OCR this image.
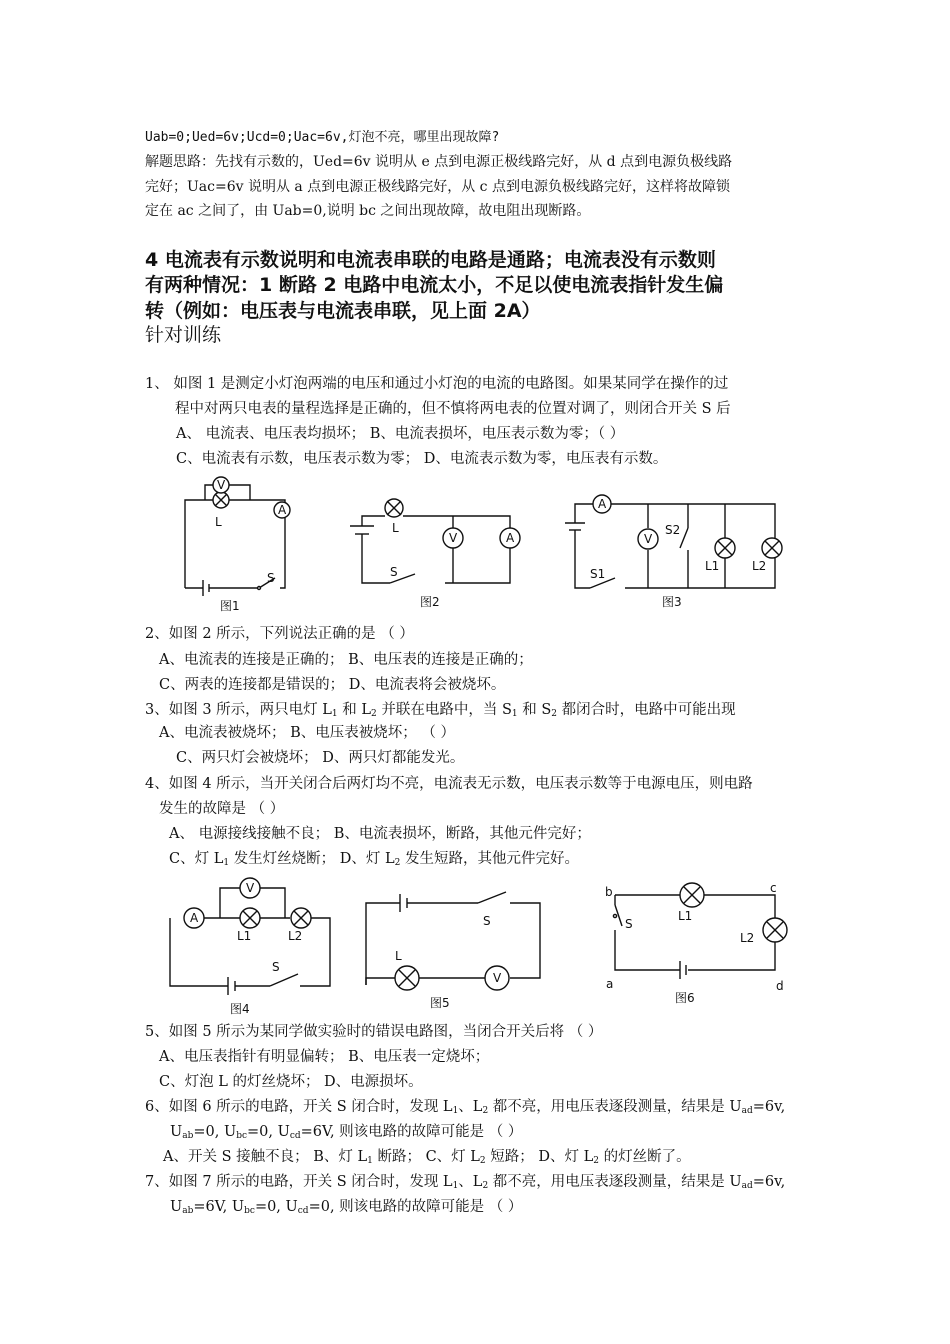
Uab=0;Ued=6v;Ucd=0;Uac=6v,灯泡不亮，哪里出现故障?
解题思路：先找有示数的，Ued=6v 说明从 e 点到电源正极线路完好，从 d 点到电源负极线路
完好；Uac=6v 说明从 a 点到电源正极线路完好，从 c 点到电源负极线路完好，这样将故障锁
定在 ac 之间了，由 Uab=0,说明 bc 之间出现故障，故电阻出现断路。
4 电流表有示数说明和电流表串联的电路是通路；电流表没有示数则
有两种情况：1 断路 2 电路中电流太小，不足以使电流表指针发生偏
转（例如：电压表与电流表串联，见上面 2A）
针对训练
1、 如图 1 是测定小灯泡两端的电压和通过小灯泡的电流的电路图。如果某同学在操作的过
程中对两只电表的量程选择是正确的，但不慎将两电表的位置对调了，则闭合开关 S 后
A、 电流表、电压表均损坏； B、电流表损坏，电压表示数为零；（ ）
C、电流表有示数，电压表示数为零； D、电流表示数为零，电压表有示数。
V
A
L
S
图1
V	A
L
S
图2
A
V
S2
S1
L1	L2
图3
2、如图 2 所示，下列说法正确的是 （ ）
A、电流表的连接是正确的； B、电压表的连接是正确的；
C、两表的连接都是错误的； D、电流表将会被烧坏。
3、如图 3 所示，两只电灯 $L_1$ 和 $L_2$ 并联在电路中，当 $S_1$ 和 $S_2$ 都闭合时，电路中可能出现
A、电流表被烧坏； B、电压表被烧坏； （ ）
C、两只灯会被烧坏； D、两只灯都能发光。
4、如图 4 所示，当开关闭合后两灯均不亮，电流表无示数，电压表示数等于电源电压，则电路
发生的故障是 （ ）
A、 电源接线接触不良； B、电流表损坏，断路，其他元件完好；
C、灯 $L_1$ 发生灯丝烧断； D、灯 $L_2$ 发生短路，其他元件完好。
A
V
L1	L2
S
图4
L
V
S
图5
b	c
a	d
S
L1
L2
图6
5、如图 5 所示为某同学做实验时的错误电路图，当闭合开关后将 （ ）
A、电压表指针有明显偏转； B、电压表一定烧坏；
C、灯泡 L 的灯丝烧坏； D、电源损坏。
6、如图 6 所示的电路，开关 S 闭合时，发现 $L_1$、$L_2$ 都不亮，用电压表逐段测量，结果是 $U_{ad}=6v$,
$U_{ab}=0$, $U_{bc}=0$, $U_{cd}=6V$, 则该电路的故障可能是 （ ）
A、开关 S 接触不良； B、灯 $L_1$ 断路； C、灯 $L_2$ 短路； D、灯 $L_2$ 的灯丝断了。
7、如图 7 所示的电路，开关 S 闭合时，发现 $L_1$、$L_2$ 都不亮，用电压表逐段测量，结果是 $U_{ad}=6v$,
$U_{ab}=6V$, $U_{bc}=0$, $U_{cd}=0$, 则该电路的故障可能是 （ ）
